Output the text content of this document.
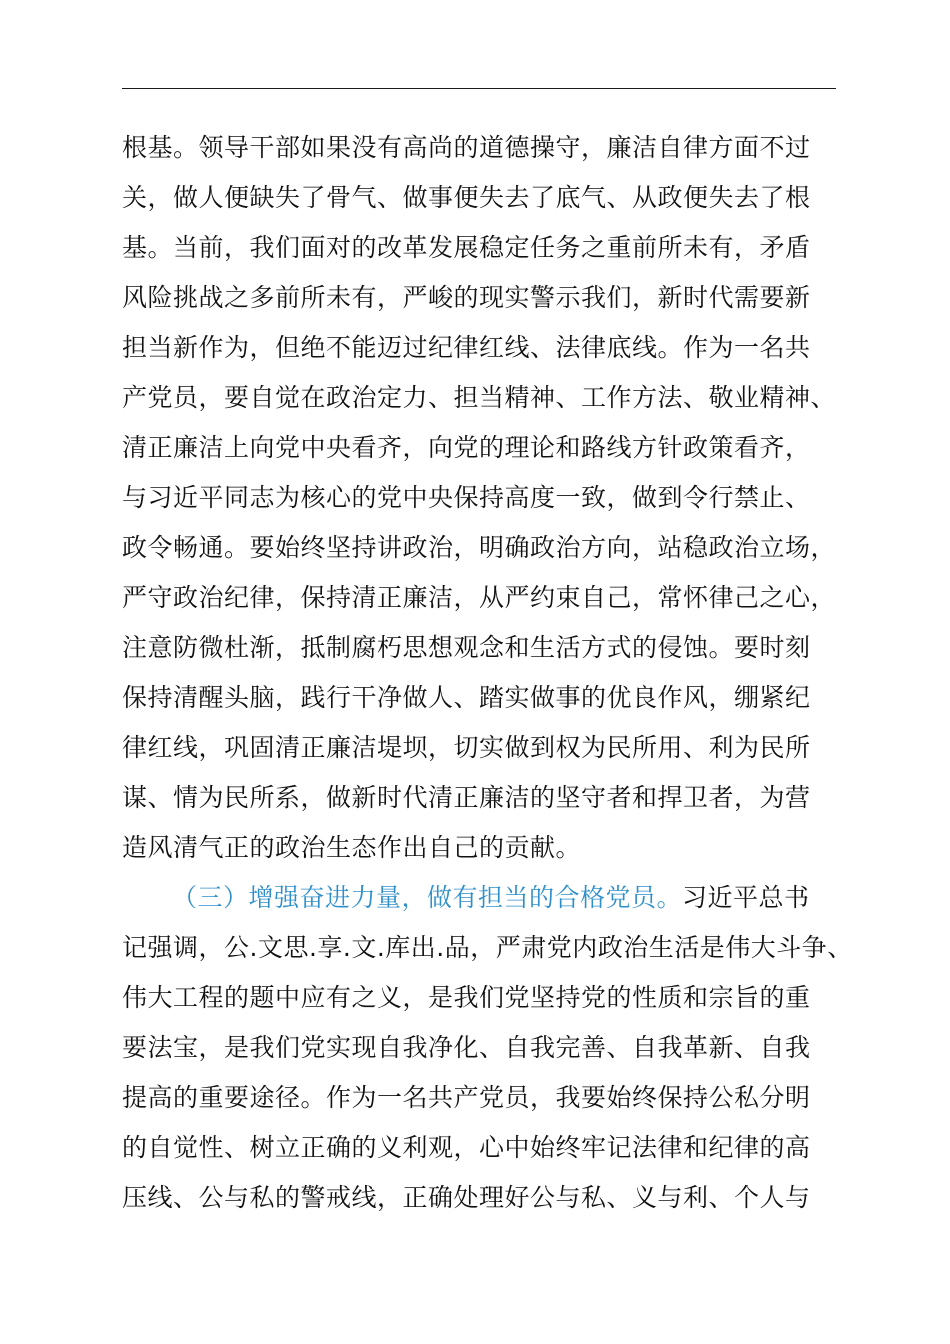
根基。领导干部如果没有高尚的道德操守，廉洁自律方面不过
关，做人便缺失了骨气、做事便失去了底气、从政便失去了根
基。当前，我们面对的改革发展稳定任务之重前所未有，矛盾
风险挑战之多前所未有，严峻的现实警示我们，新时代需要新
担当新作为，但绝不能迈过纪律红线、法律底线。作为一名共
产党员，要自觉在政治定力、担当精神、工作方法、敬业精神、
清正廉洁上向党中央看齐，向党的理论和路线方针政策看齐，
与习近平同志为核心的党中央保持高度一致，做到令行禁止、
政令畅通。要始终坚持讲政治，明确政治方向，站稳政治立场，
严守政治纪律，保持清正廉洁，从严约束自己，常怀律己之心，
注意防微杜渐，抵制腐朽思想观念和生活方式的侵蚀。要时刻
保持清醒头脑，践行干净做人、踏实做事的优良作风，绷紧纪
律红线，巩固清正廉洁堤坝，切实做到权为民所用、利为民所
谋、情为民所系，做新时代清正廉洁的坚守者和捍卫者，为营
造风清气正的政治生态作出自己的贡献。
（三）增强奋进力量，做有担当的合格党员。习近平总书
记强调，公.文思.享.文.库出.品，严肃党内政治生活是伟大斗争、
伟大工程的题中应有之义，是我们党坚持党的性质和宗旨的重
要法宝，是我们党实现自我净化、自我完善、自我革新、自我
提高的重要途径。作为一名共产党员，我要始终保持公私分明
的自觉性、树立正确的义利观，心中始终牢记法律和纪律的高
压线、公与私的警戒线，正确处理好公与私、义与利、个人与
